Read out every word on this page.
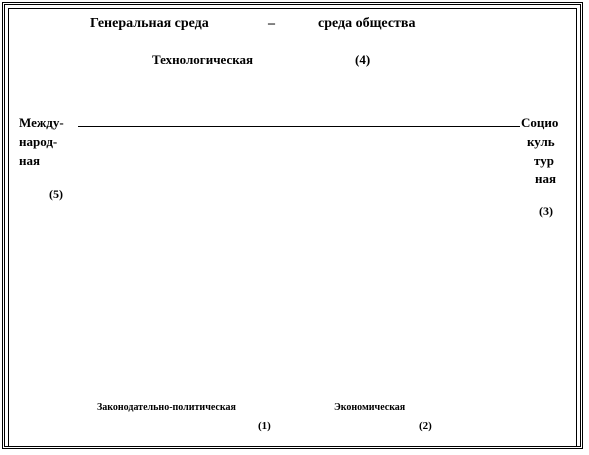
Генеральная среда	–	среда общества
Технологическая	(4)
Между-
народ-
ная
(5)
Социо
куль
тур
ная
(3)
Законодательно-политическая
(1)
Экономическая
(2)
